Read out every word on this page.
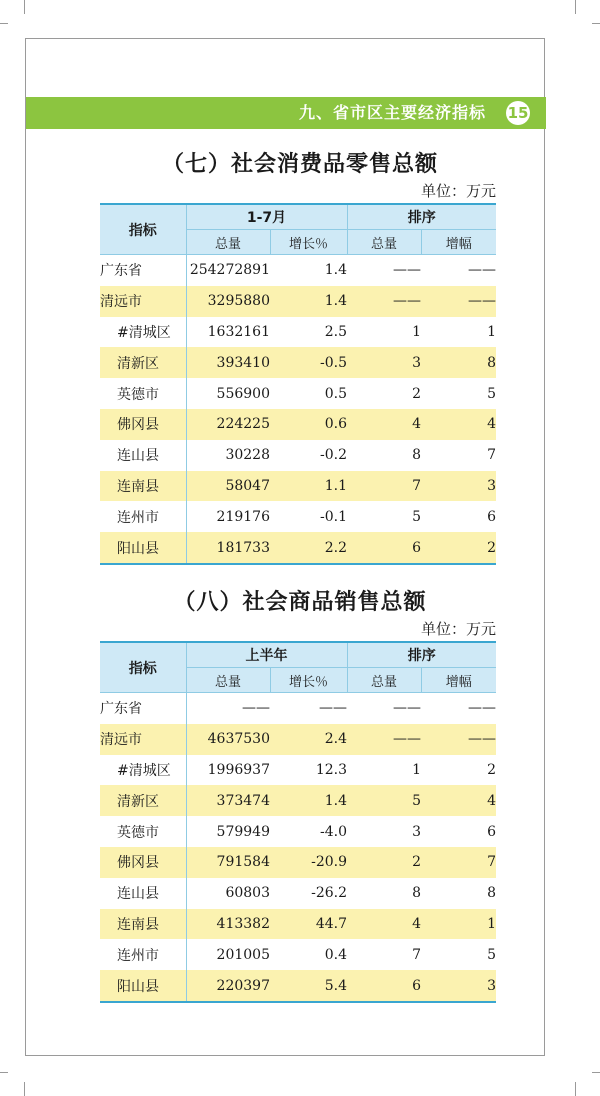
九、省市区主要经济指标 15
（七）社会消费品零售总额
单位：万元
指标	1-7月		排序	
	总量	增长％	总量	增幅
广东省	254272891	1.4	——	——
清远市	3295880	1.4	——	——
#清城区	1632161	2.5	1	1
清新区	393410	-0.5	3	8
英德市	556900	0.5	2	5
佛冈县	224225	0.6	4	4
连山县	30228	-0.2	8	7
连南县	58047	1.1	7	3
连州市	219176	-0.1	5	6
阳山县	181733	2.2	6	2
（八）社会商品销售总额
单位：万元
指标	上半年		排序	
	总量	增长％	总量	增幅
广东省	——	——	——	——
清远市	4637530	2.4	——	——
#清城区	1996937	12.3	1	2
清新区	373474	1.4	5	4
英德市	579949	-4.0	3	6
佛冈县	791584	-20.9	2	7
连山县	60803	-26.2	8	8
连南县	413382	44.7	4	1
连州市	201005	0.4	7	5
阳山县	220397	5.4	6	3
